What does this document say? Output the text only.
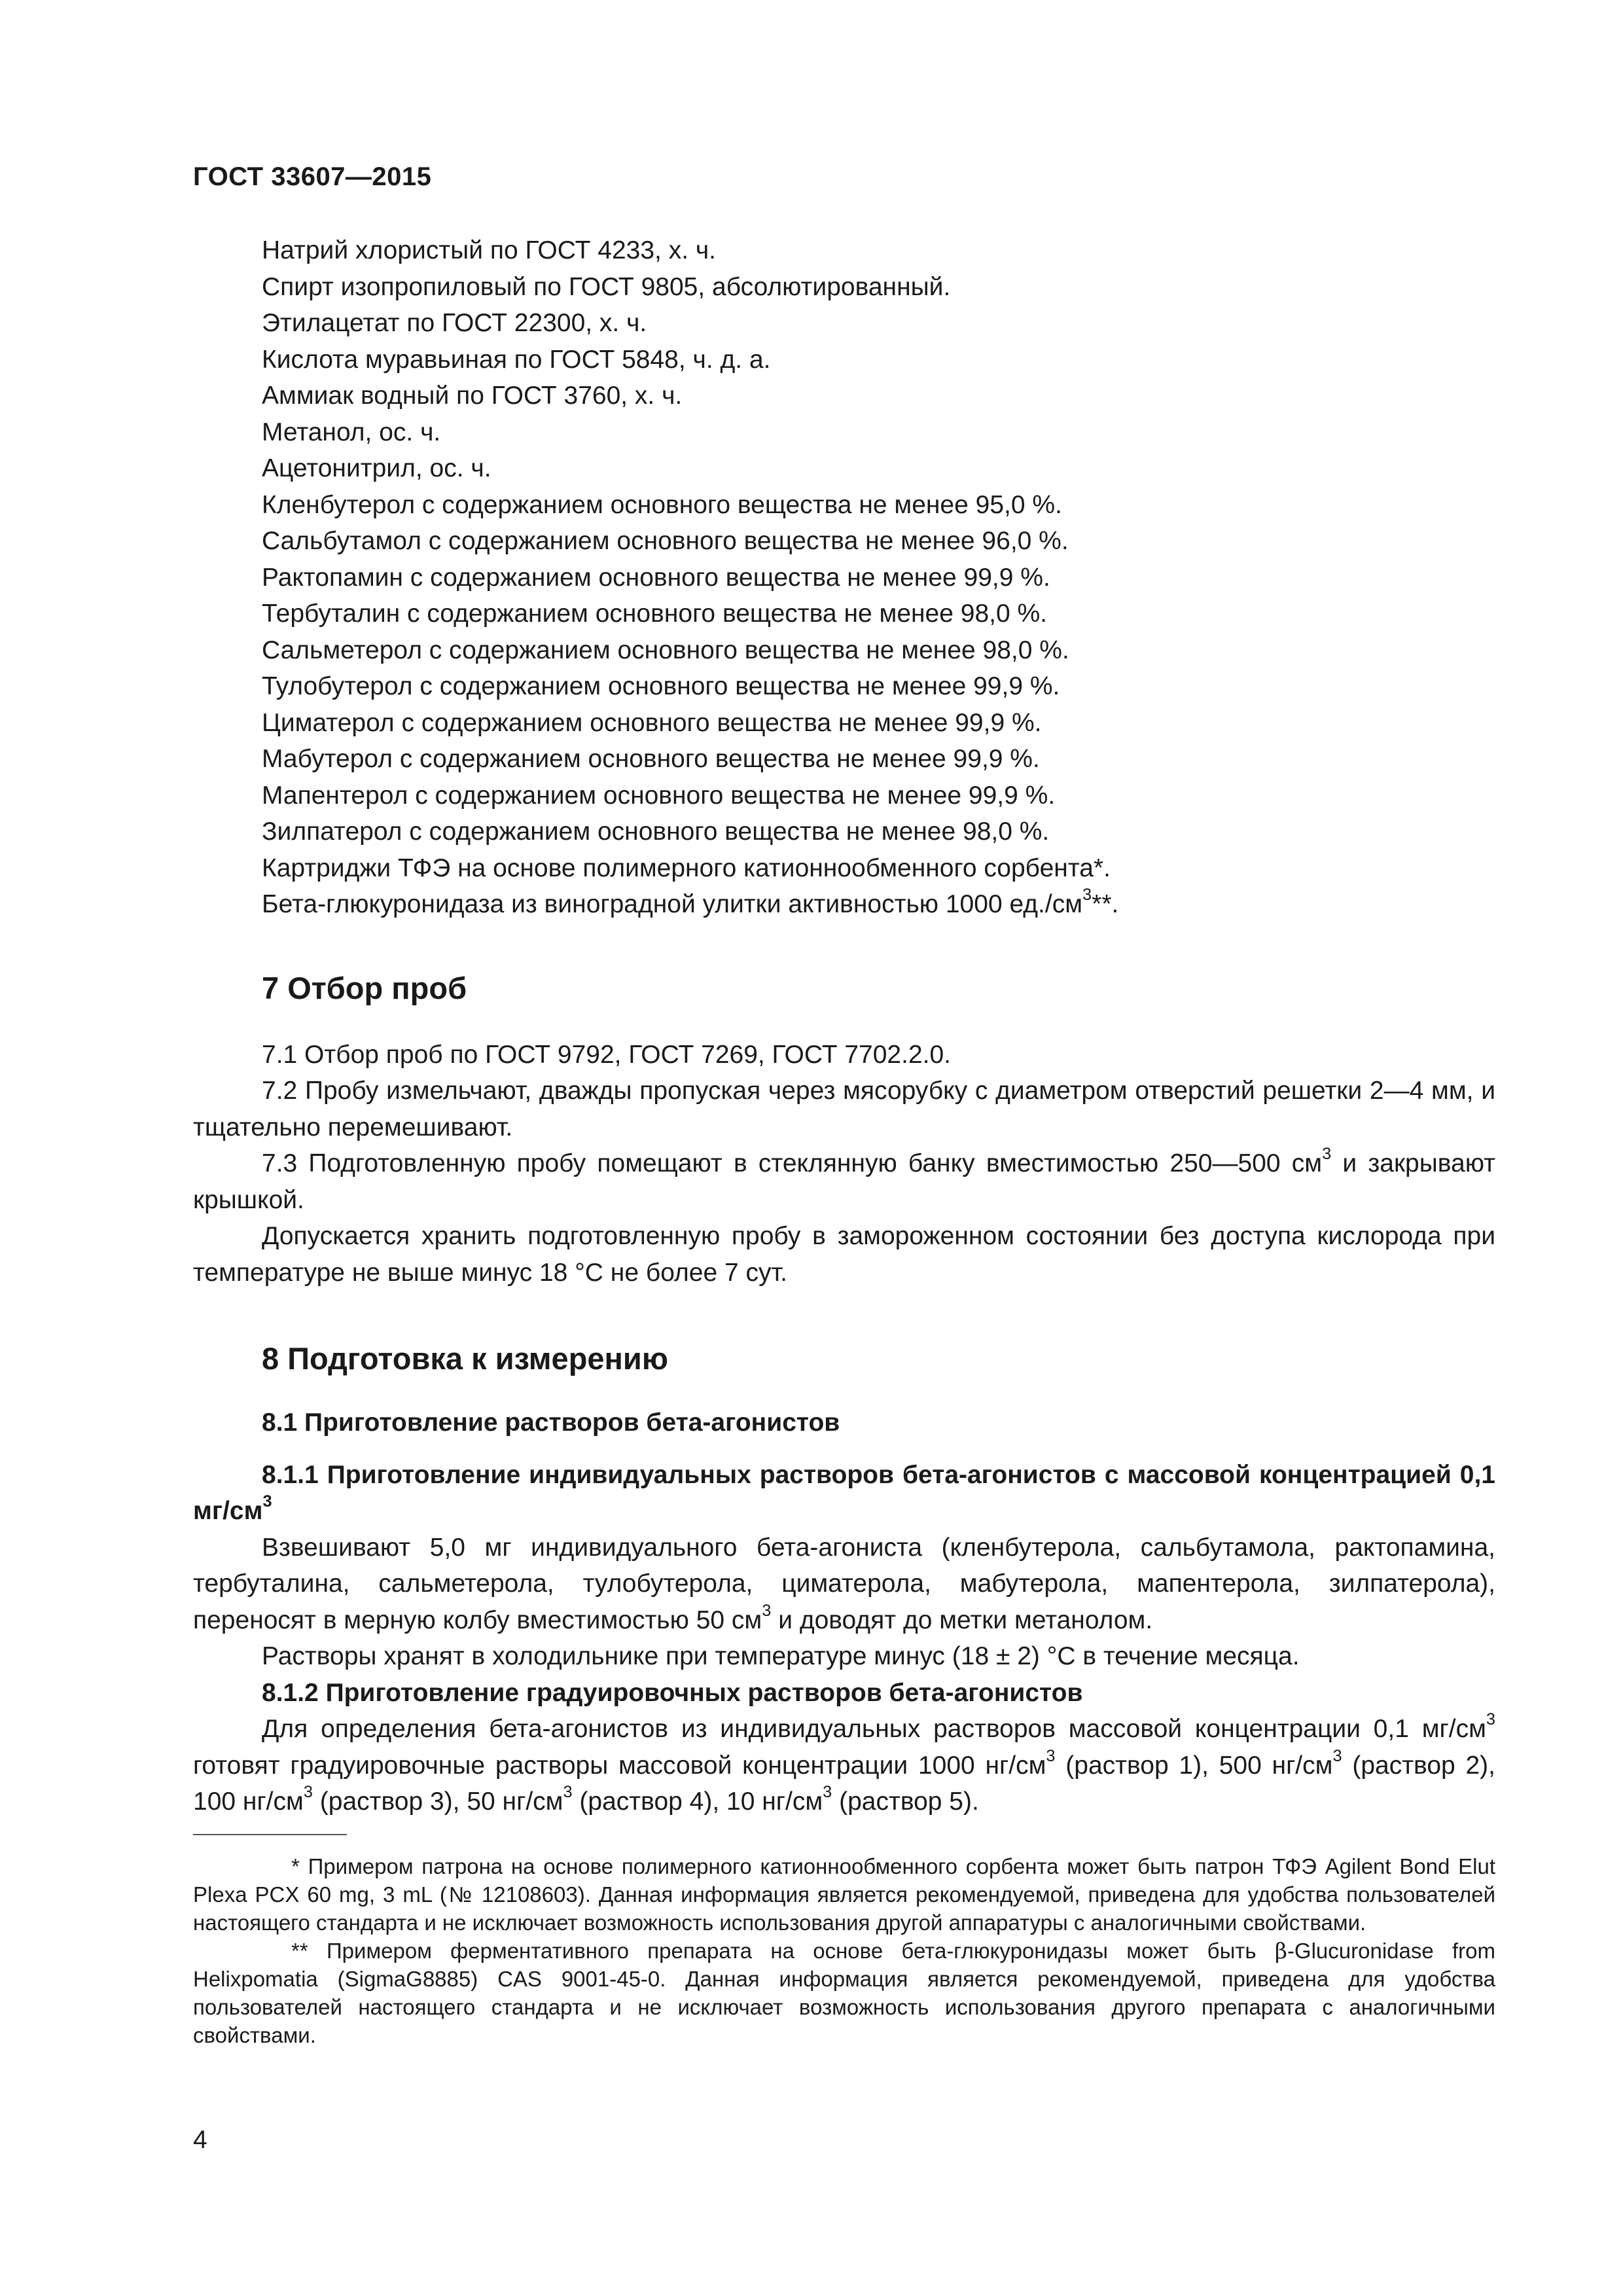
ГОСТ 33607—2015

Натрий хлористый по ГОСТ 4233, х. ч.

Спирт изопропиловый по ГОСТ 9805, абсолютированный.

Этилацетат по ГОСТ 22300, х. ч.

Кислота муравьиная по ГОСТ 5848, ч. д. а.

Аммиак водный по ГОСТ 3760, х. ч.

Метанол, ос. ч.

Ацетонитрил, ос. ч.

Кленбутерол с содержанием основного вещества не менее 95,0 %.

Сальбутамол с содержанием основного вещества не менее 96,0 %.

Рактопамин с содержанием основного вещества не менее 99,9 %.

Тербуталин с содержанием основного вещества не менее 98,0 %.

Сальметерол с содержанием основного вещества не менее 98,0 %.

Тулобутерол с содержанием основного вещества не менее 99,9 %.

Циматерол с содержанием основного вещества не менее 99,9 %.

Мабутерол с содержанием основного вещества не менее 99,9 %.

Мапентерол с содержанием основного вещества не менее 99,9 %.

Зилпатерол с содержанием основного вещества не менее 98,0 %.

Картриджи ТФЭ на основе полимерного катионнообменного сорбента*.

Бета-глюкуронидаза из виноградной улитки активностью 1000 $ед./см^3**$.

7 Отбор проб

7.1 Отбор проб по ГОСТ 9792, ГОСТ 7269, ГОСТ 7702.2.0.

7.2 Пробу измельчают, дважды пропуская через мясорубку с диаметром отверстий решетки 2—4 мм, и тщательно перемешивают.

7.3 Подготовленную пробу помещают в стеклянную банку вместимостью 250—500 $см^3$ и закрывают крышкой.

Допускается хранить подготовленную пробу в замороженном состоянии без доступа кислорода при температуре не выше минус 18 °С не более 7 сут.

8 Подготовка к измерению

8.1 Приготовление растворов бета-агонистов

8.1.1 Приготовление индивидуальных растворов бета-агонистов с массовой концентрацией 0,1 $мг/см^3$

Взвешивают 5,0 мг индивидуального бета-агониста (кленбутерола, сальбутамола, рактопамина, тербуталина, сальметерола, тулобутерола, циматерола, мабутерола, мапентерола, зилпатерола), переносят в мерную колбу вместимостью 50 $см^3$ и доводят до метки метанолом.

Растворы хранят в холодильнике при температуре минус (18 ± 2) °С в течение месяца.

8.1.2 Приготовление градуировочных растворов бета-агонистов

Для определения бета-агонистов из индивидуальных растворов массовой концентрации 0,1 $мг/см^3$ готовят градуировочные растворы массовой концентрации 1000 $нг/см^3$ (раствор 1), 500 $нг/см^3$ (раствор 2), 100 $нг/см^3$ (раствор 3), 50 $нг/см^3$ (раствор 4), 10 $нг/см^3$ (раствор 5).

* Примером патрона на основе полимерного катионнообменного сорбента может быть патрон ТФЭ Agilent Bond Elut Plexa PCX 60 mg, 3 mL (№ 12108603). Данная информация является рекомендуемой, приведена для удобства пользователей настоящего стандарта и не исключает возможность использования другой аппаратуры с аналогичными свойствами.

** Примером ферментативного препарата на основе бета-глюкуронидазы может быть β-Glucuronidase from Helixpomatia (SigmaG8885) CAS 9001-45-0. Данная информация является рекомендуемой, приведена для удобства пользователей настоящего стандарта и не исключает возможность использования другого препарата с аналогичными свойствами.

4
